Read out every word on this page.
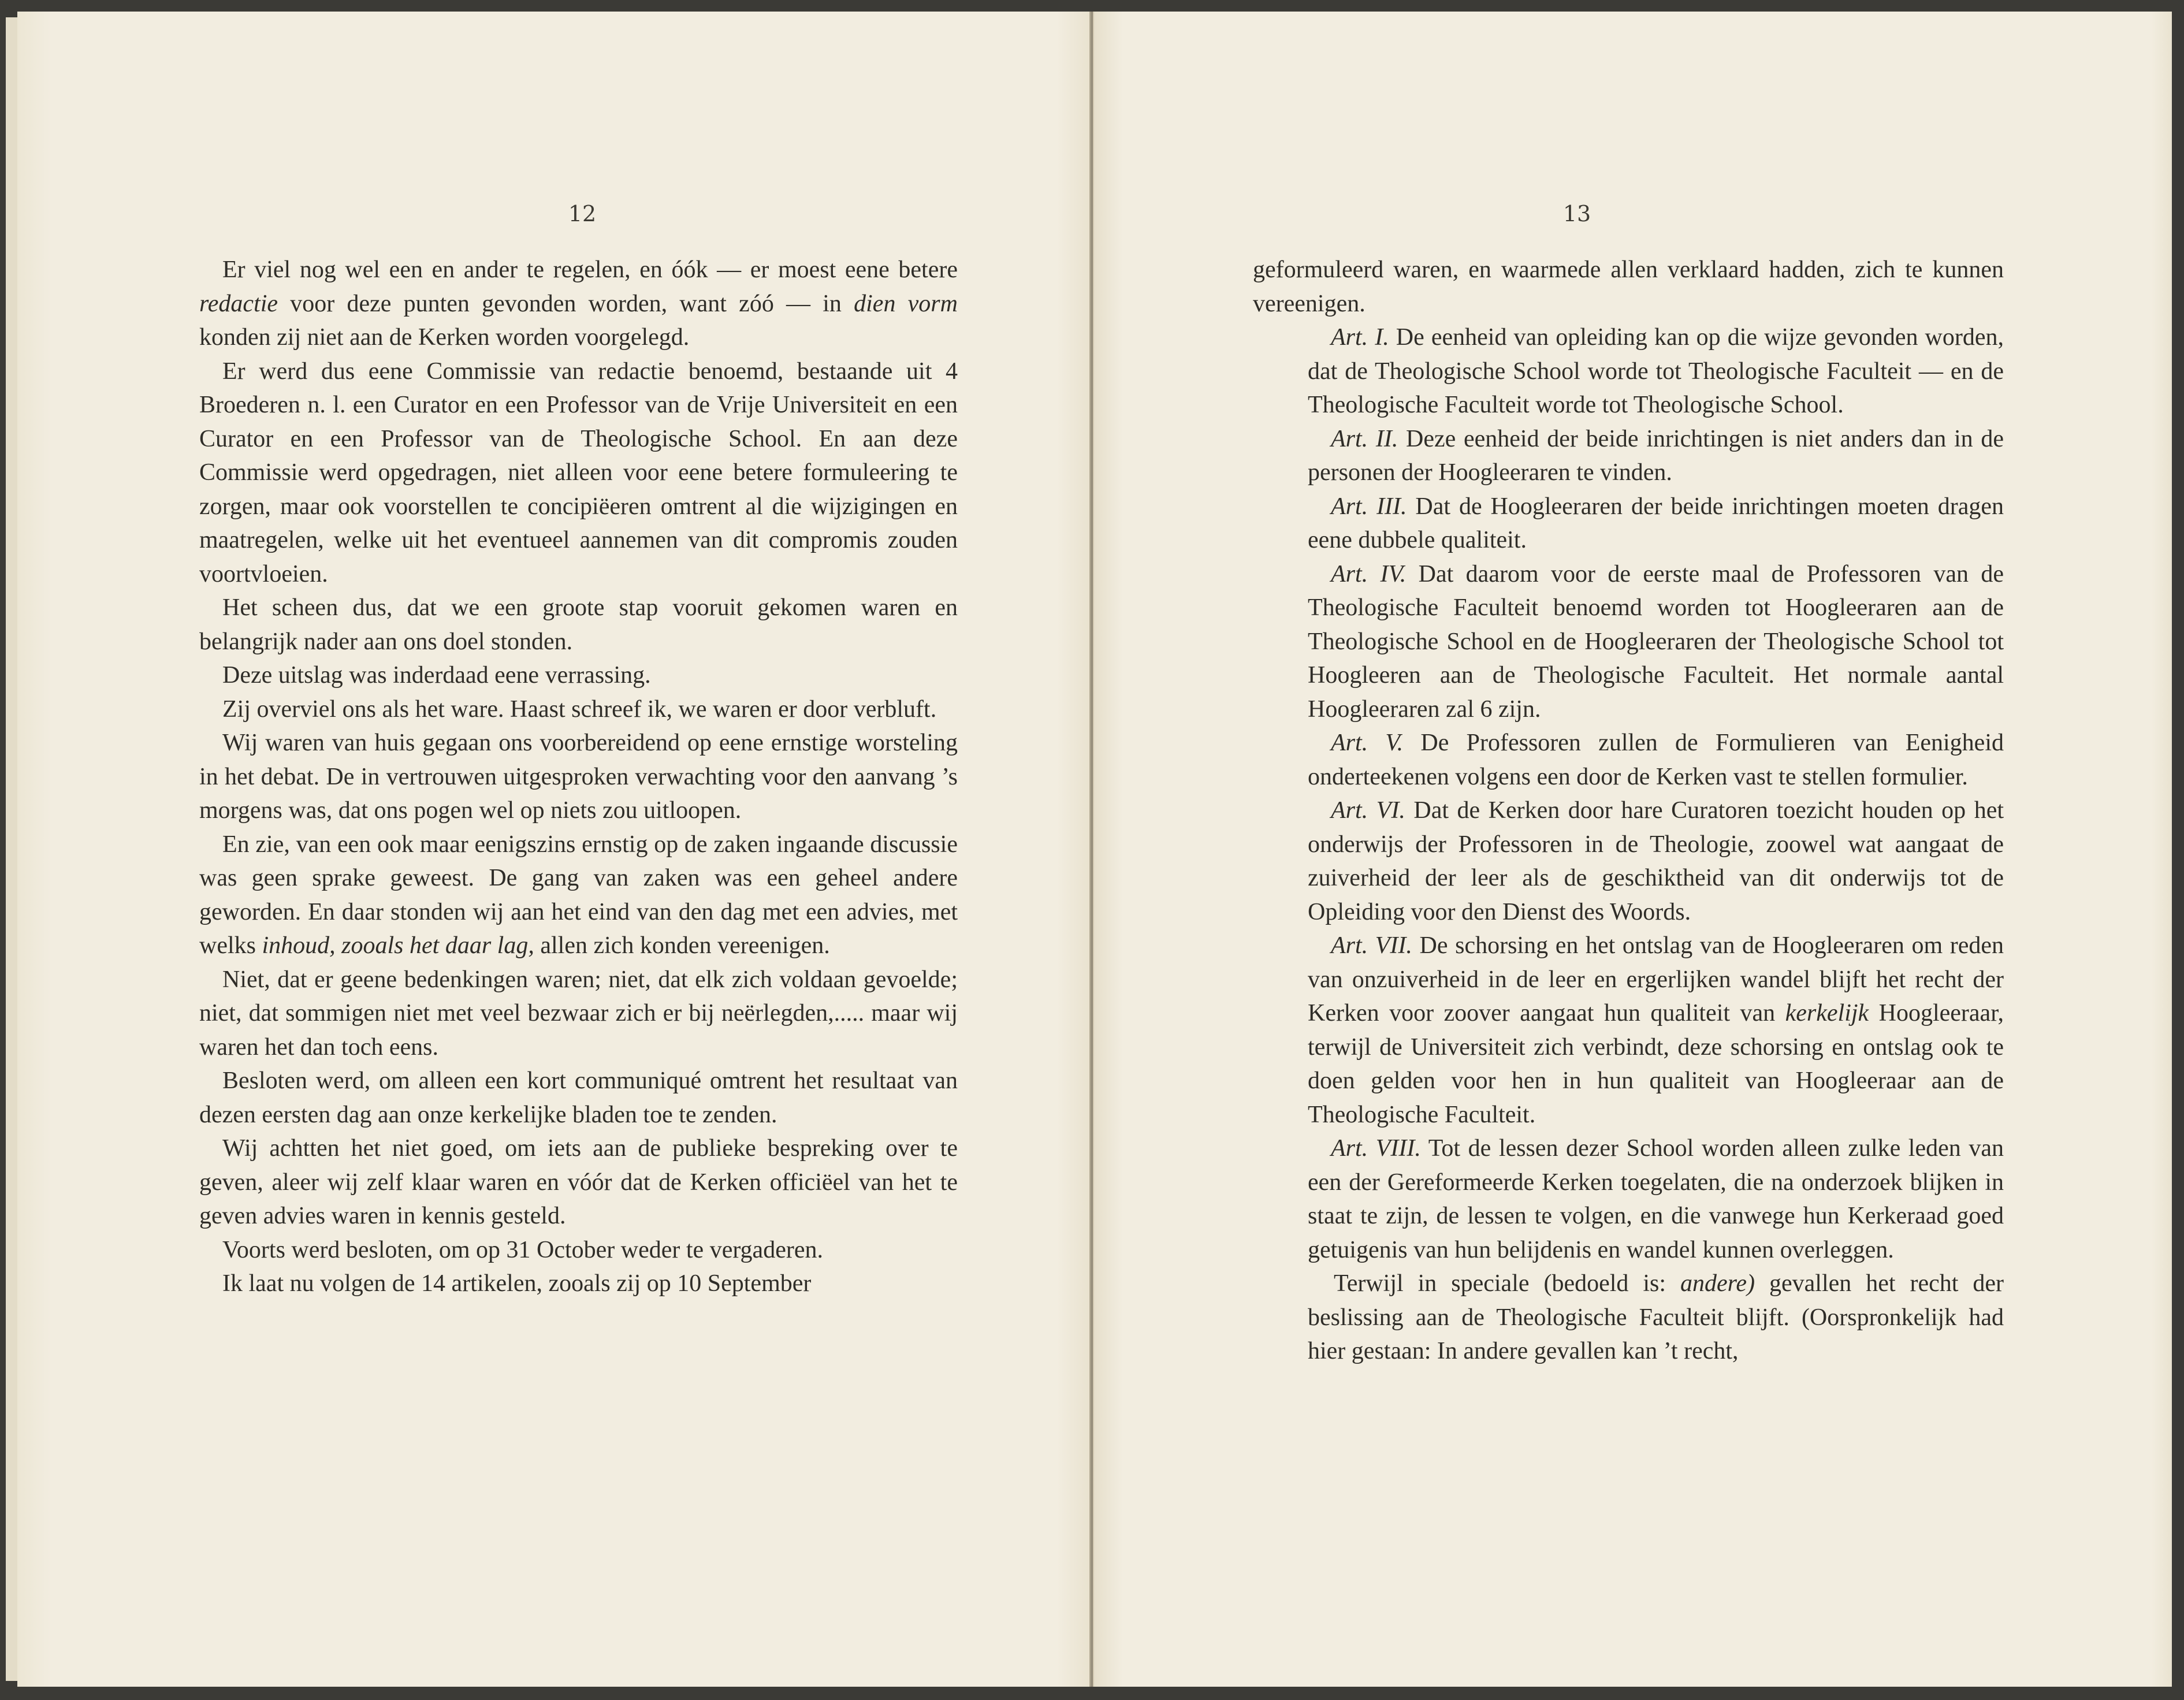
12

Er viel nog wel een en ander te regelen, en óók — er moest eene betere redactie voor deze punten gevonden worden, want zóó — in dien vorm konden zij niet aan de Kerken worden voorgelegd.

Er werd dus eene Commissie van redactie benoemd, bestaande uit 4 Broederen n. l. een Curator en een Professor van de Vrije Universiteit en een Curator en een Professor van de Theologische School. En aan deze Commissie werd opgedragen, niet alleen voor eene betere formuleering te zorgen, maar ook voorstellen te concipiëeren omtrent al die wijzigingen en maatregelen, welke uit het eventueel aannemen van dit compromis zouden voortvloeien.

Het scheen dus, dat we een groote stap vooruit gekomen waren en belangrijk nader aan ons doel stonden.

Deze uitslag was inderdaad eene verrassing.

Zij overviel ons als het ware. Haast schreef ik, we waren er door verbluft.

Wij waren van huis gegaan ons voorbereidend op eene ernstige worsteling in het debat. De in vertrouwen uitgesproken verwachting voor den aanvang ’s morgens was, dat ons pogen wel op niets zou uitloopen.

En zie, van een ook maar eenigszins ernstig op de zaken ingaande discussie was geen sprake geweest. De gang van zaken was een geheel andere geworden. En daar stonden wij aan het eind van den dag met een advies, met welks inhoud, zooals het daar lag, allen zich konden vereenigen.

Niet, dat er geene bedenkingen waren; niet, dat elk zich voldaan gevoelde; niet, dat sommigen niet met veel bezwaar zich er bij neërlegden,..... maar wij waren het dan toch eens.

Besloten werd, om alleen een kort communiqué omtrent het resultaat van dezen eersten dag aan onze kerkelijke bladen toe te zenden.

Wij achtten het niet goed, om iets aan de publieke bespreking over te geven, aleer wij zelf klaar waren en vóór dat de Kerken officiëel van het te geven advies waren in kennis gesteld.

Voorts werd besloten, om op 31 October weder te vergaderen.

Ik laat nu volgen de 14 artikelen, zooals zij op 10 September

13

geformuleerd waren, en waarmede allen verklaard hadden, zich te kunnen vereenigen.

Art. I. De eenheid van opleiding kan op die wijze gevonden worden, dat de Theologische School worde tot Theologische Faculteit — en de Theologische Faculteit worde tot Theologische School.

Art. II. Deze eenheid der beide inrichtingen is niet anders dan in de personen der Hoogleeraren te vinden.

Art. III. Dat de Hoogleeraren der beide inrichtingen moeten dragen eene dubbele qualiteit.

Art. IV. Dat daarom voor de eerste maal de Professoren van de Theologische Faculteit benoemd worden tot Hoogleeraren aan de Theologische School en de Hoogleeraren der Theologische School tot Hoogleeren aan de Theologische Faculteit. Het normale aantal Hoogleeraren zal 6 zijn.

Art. V. De Professoren zullen de Formulieren van Eenigheid onderteekenen volgens een door de Kerken vast te stellen formulier.

Art. VI. Dat de Kerken door hare Curatoren toezicht houden op het onderwijs der Professoren in de Theologie, zoowel wat aangaat de zuiverheid der leer als de geschiktheid van dit onderwijs tot de Opleiding voor den Dienst des Woords.

Art. VII. De schorsing en het ontslag van de Hoogleeraren om reden van onzuiverheid in de leer en ergerlijken wandel blijft het recht der Kerken voor zoover aangaat hun qualiteit van kerkelijk Hoogleeraar, terwijl de Universiteit zich verbindt, deze schorsing en ontslag ook te doen gelden voor hen in hun qualiteit van Hoogleeraar aan de Theologische Faculteit.

Art. VIII. Tot de lessen dezer School worden alleen zulke leden van een der Gereformeerde Kerken toegelaten, die na onderzoek blijken in staat te zijn, de lessen te volgen, en die vanwege hun Kerkeraad goed getuigenis van hun belijdenis en wandel kunnen overleggen.

Terwijl in speciale (bedoeld is: andere) gevallen het recht der beslissing aan de Theologische Faculteit blijft. (Oorspronkelijk had hier gestaan: In andere gevallen kan ’t recht,
